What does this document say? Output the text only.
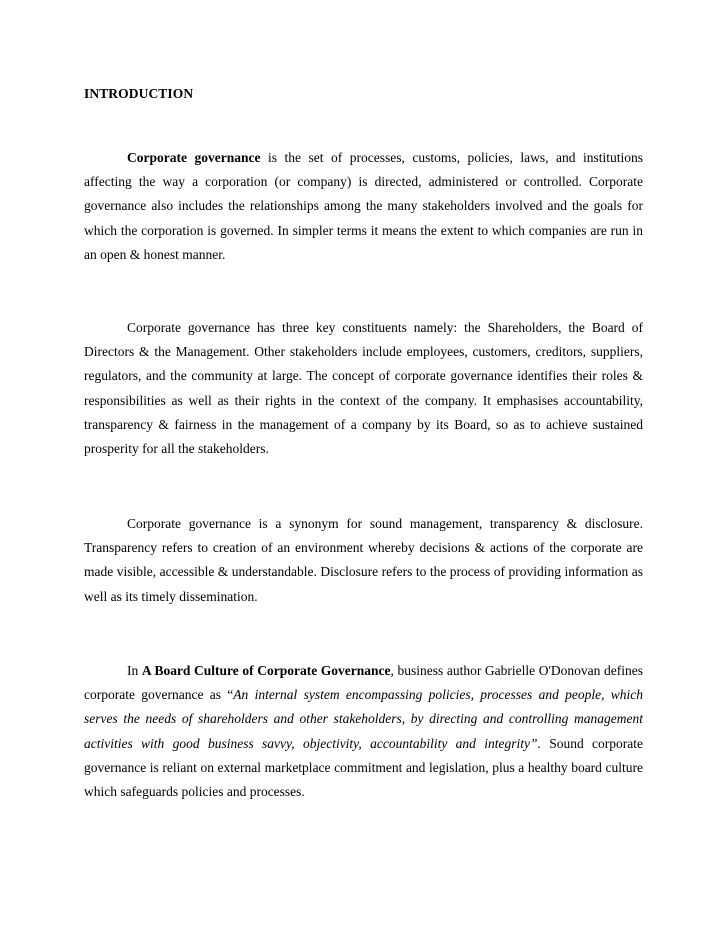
INTRODUCTION

Corporate governance is the set of processes, customs, policies, laws, and institutions affecting the way a corporation (or company) is directed, administered or controlled. Corporate governance also includes the relationships among the many stakeholders involved and the goals for which the corporation is governed. In simpler terms it means the extent to which companies are run in an open & honest manner.

Corporate governance has three key constituents namely: the Shareholders, the Board of Directors & the Management. Other stakeholders include employees, customers, creditors, suppliers, regulators, and the community at large. The concept of corporate governance identifies their roles & responsibilities as well as their rights in the context of the company. It emphasises accountability, transparency & fairness in the management of a company by its Board, so as to achieve sustained prosperity for all the stakeholders.

Corporate governance is a synonym for sound management, transparency & disclosure. Transparency refers to creation of an environment whereby decisions & actions of the corporate are made visible, accessible & understandable. Disclosure refers to the process of providing information as well as its timely dissemination.

In A Board Culture of Corporate Governance, business author Gabrielle O'Donovan defines corporate governance as “An internal system encompassing policies, processes and people, which serves the needs of shareholders and other stakeholders, by directing and controlling management activities with good business savvy, objectivity, accountability and integrity”. Sound corporate governance is reliant on external marketplace commitment and legislation, plus a healthy board culture which safeguards policies and processes.
